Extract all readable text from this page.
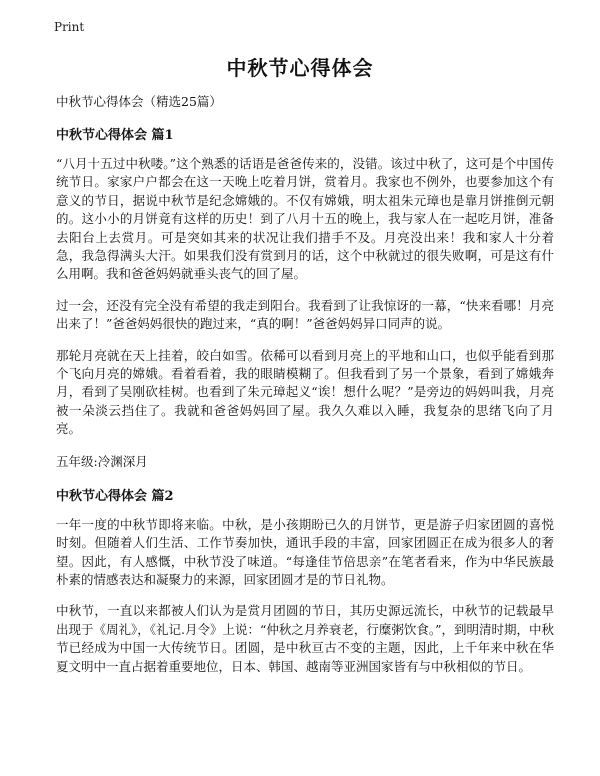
Print
中秋节心得体会
中秋节心得体会（精选25篇）
中秋节心得体会 篇1

“八月十五过中秋喽。”这个熟悉的话语是爸爸传来的，没错。该过中秋了，这可是个中国传统节日。家家户户都会在这一天晚上吃着月饼，赏着月。我家也不例外，也要参加这个有意义的节日，据说中秋节是纪念嫦娥的。不仅有嫦娥，明太祖朱元璋也是靠月饼推倒元朝的。这小小的月饼竟有这样的历史！到了八月十五的晚上，我与家人在一起吃月饼，准备去阳台上去赏月。可是突如其来的状况让我们措手不及。月亮没出来！我和家人十分着急，我急得满头大汗。如果我们没有赏到月的话，这个中秋就过的很失败啊，可是这有什么用啊。我和爸爸妈妈就垂头丧气的回了屋。

过一会，还没有完全没有希望的我走到阳台。我看到了让我惊讶的一幕，“快来看哪！月亮出来了！”爸爸妈妈很快的跑过来，“真的啊！”爸爸妈妈异口同声的说。

那轮月亮就在天上挂着，皎白如雪。依稀可以看到月亮上的平地和山口，也似乎能看到那个飞向月亮的嫦娥。看着看着，我的眼睛模糊了。但我看到了另一个景象，看到了嫦娥奔月，看到了吴刚砍桂树。也看到了朱元璋起义“诶！想什么呢？”是旁边的妈妈叫我，月亮被一朵淡云挡住了。我就和爸爸妈妈回了屋。我久久难以入睡，我复杂的思绪飞向了月亮。

五年级:冷渊深月
中秋节心得体会 篇2

一年一度的中秋节即将来临。中秋，是小孩期盼已久的月饼节，更是游子归家团圆的喜悦时刻。但随着人们生活、工作节奏加快，通讯手段的丰富，回家团圆正在成为很多人的奢望。因此，有人感慨，中秋节没了味道。“每逢佳节倍思亲”在笔者看来，作为中华民族最朴素的情感表达和凝聚力的来源，回家团圆才是的节日礼物。

中秋节，一直以来都被人们认为是赏月团圆的节日，其历史源远流长，中秋节的记载最早出现于《周礼》，《礼记.月令》上说：“仲秋之月养衰老，行糜粥饮食。”，到明清时期，中秋节已经成为中国一大传统节日。团圆，是中秋亘古不变的主题，因此，上千年来中秋在华夏文明中一直占据着重要地位，日本、韩国、越南等亚洲国家皆有与中秋相似的节日。
